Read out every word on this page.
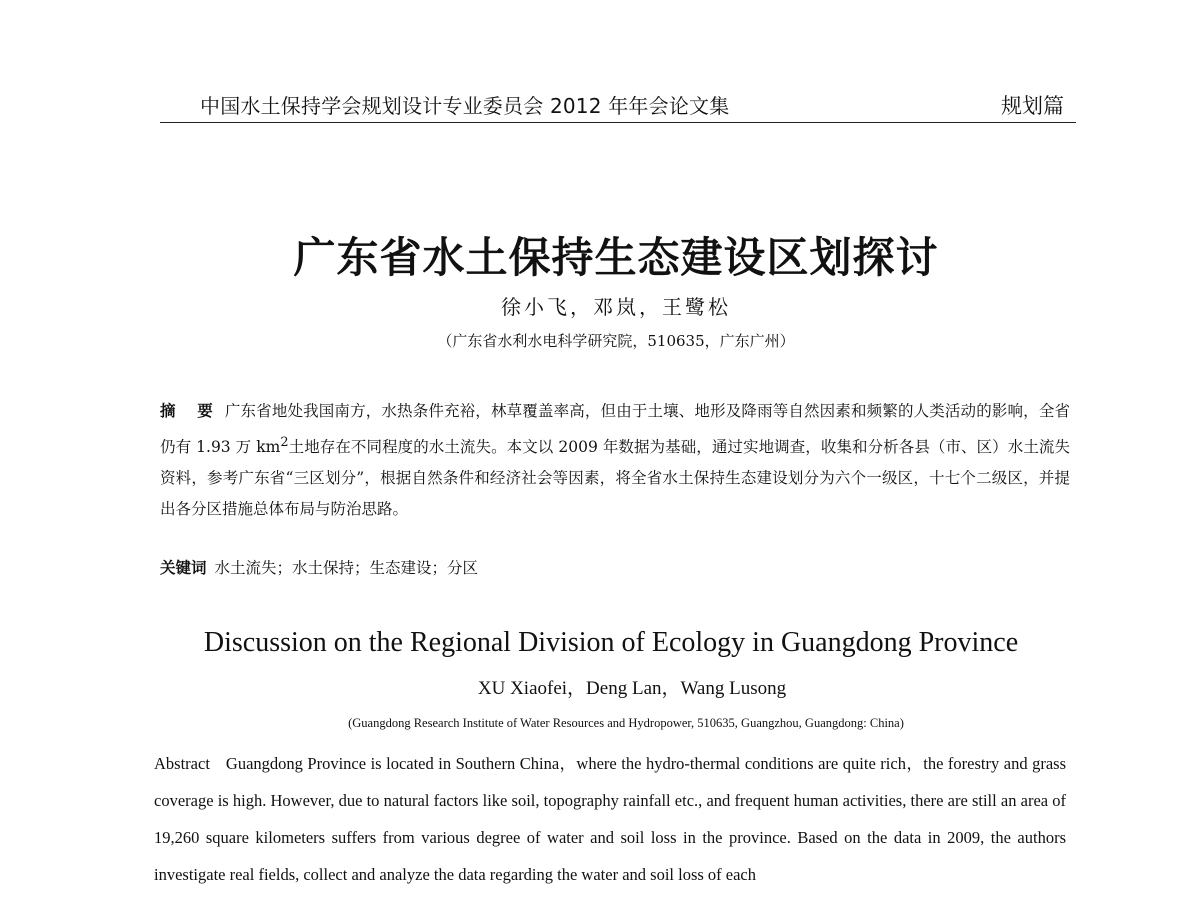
中国水土保持学会规划设计专业委员会 2012 年年会论文集	规划篇
广东省水土保持生态建设区划探讨
徐小飞，邓岚，王鹭松
（广东省水利水电科学研究院，510635，广东广州）
摘 要 广东省地处我国南方，水热条件充裕，林草覆盖率高，但由于土壤、地形及降雨等自然因素和频繁的人类活动的影响，全省仍有 1.93 万 $km^2$土地存在不同程度的水土流失。本文以 2009 年数据为基础，通过实地调查，收集和分析各县（市、区）水土流失资料，参考广东省“三区划分”，根据自然条件和经济社会等因素，将全省水土保持生态建设划分为六个一级区，十七个二级区，并提出各分区措施总体布局与防治思路。
关键词 水土流失；水土保持；生态建设；分区
Discussion on the Regional Division of Ecology in Guangdong Province
XU Xiaofei，Deng Lan，Wang Lusong
(Guangdong Research Institute of Water Resources and Hydropower, 510635, Guangzhou, Guangdong: China)
Abstract Guangdong Province is located in Southern China，where the hydro-thermal conditions are quite rich，the forestry and grass coverage is high. However, due to natural factors like soil, topography rainfall etc., and frequent human activities, there are still an area of 19,260 square kilometers suffers from various degree of water and soil loss in the province. Based on the data in 2009, the authors investigate real fields, collect and analyze the data regarding the water and soil loss of each
